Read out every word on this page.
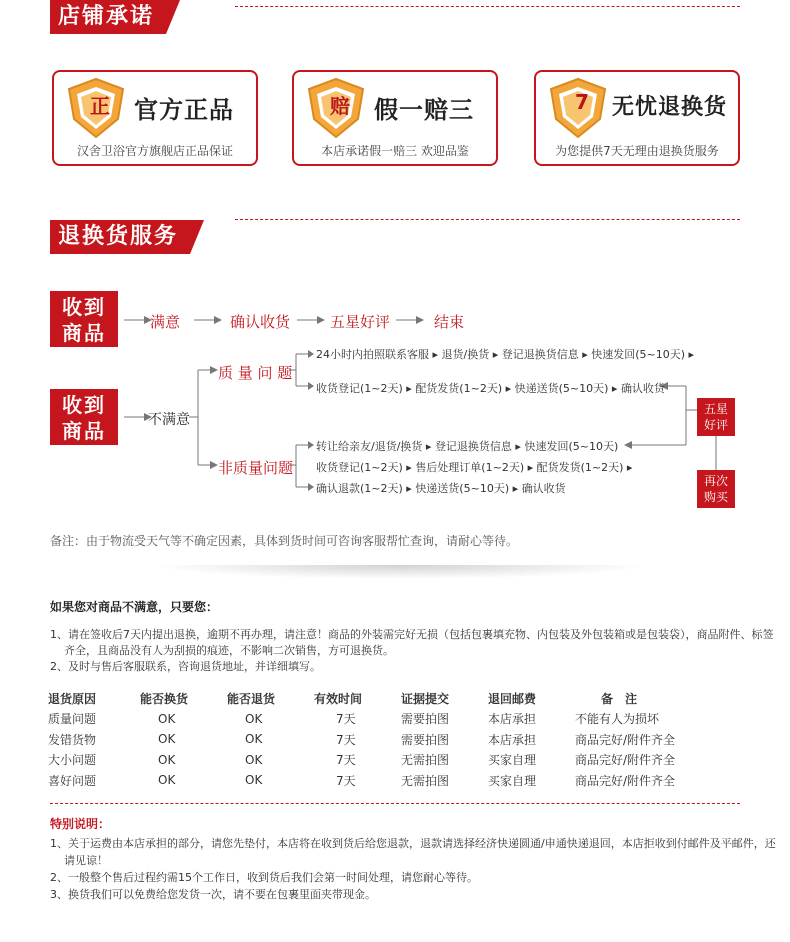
店铺承诺
正 官方正品
汉舍卫浴官方旗舰店正品保证
赔 假一赔三
本店承诺假一赔三 欢迎品鉴
7 无忧退换货
为您提供7天无理由退换货服务
退换货服务
收到
商品	满意	确认收货	五星好评	结束
收到
商品	不满意
质 量 问 题
非质量问题
24小时内拍照联系客服 ▸ 退货/换货 ▸ 登记退换货信息 ▸ 快速发回(5~10天) ▸
收货登记(1~2天) ▸ 配货发货(1~2天) ▸ 快递送货(5~10天) ▸ 确认收货
转让给亲友/退货/换货 ▸ 登记退换货信息 ▸ 快速发回(5~10天)
收货登记(1~2天) ▸ 售后处理订单(1~2天) ▸ 配货发货(1~2天) ▸
确认退款(1~2天) ▸ 快递送货(5~10天) ▸ 确认收货
五星
好评
再次
购买
备注：由于物流受天气等不确定因素，具体到货时间可咨询客服帮忙查询，请耐心等待。
如果您对商品不满意，只要您：
1、请在签收后7天内提出退换，逾期不再办理，请注意！商品的外装需完好无损（包括包裹填充物、内包装及外包装箱或是包装袋），商品附件、标签
齐全，且商品没有人为刮损的痕迹，不影响二次销售，方可退换货。
2、及时与售后客服联系，咨询退货地址，并详细填写。
退货原因	能否换货	能否退货	有效时间	证据提交	退回邮费	备　注
质量问题	OK	OK	7天	需要拍图	本店承担	不能有人为损坏
发错货物	OK	OK	7天	需要拍图	本店承担	商品完好/附件齐全
大小问题	OK	OK	7天	无需拍图	买家自理	商品完好/附件齐全
喜好问题	OK	OK	7天	无需拍图	买家自理	商品完好/附件齐全
特别说明：
1、关于运费由本店承担的部分，请您先垫付，本店将在收到货后给您退款，退款请选择经济快递圆通/申通快递退回，本店拒收到付邮件及平邮件，还
请见谅！
2、一般整个售后过程约需15个工作日，收到货后我们会第一时间处理，请您耐心等待。
3、换货我们可以免费给您发货一次，请不要在包裹里面夹带现金。
